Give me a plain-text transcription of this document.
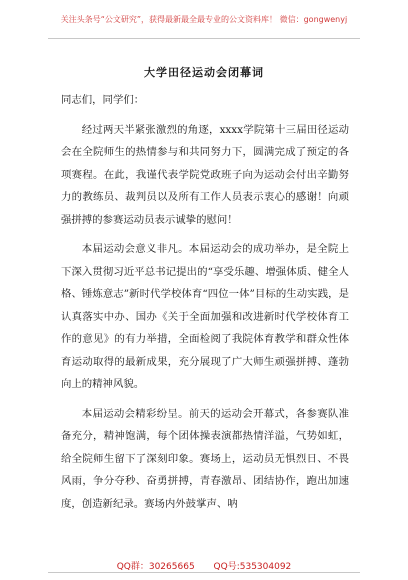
关注头条号“公文研究”，获得最新最全最专业的公文资料库！ 微信：gongwenyj
大学田径运动会闭幕词

同志们，同学们：

经过两天半紧张激烈的角逐，xxxx学院第十三届田径运动会在全院师生的热情参与和共同努力下，圆满完成了预定的各项赛程。在此，我谨代表学院党政班子向为运动会付出辛勤努力的教练员、裁判员以及所有工作人员表示衷心的感谢！向顽强拼搏的参赛运动员表示诚挚的慰问！

本届运动会意义非凡。本届运动会的成功举办，是全院上下深入贯彻习近平总书记提出的“享受乐趣、增强体质、健全人格、锤炼意志”新时代学校体育“四位一体”目标的生动实践，是认真落实中办、国办《关于全面加强和改进新时代学校体育工作的意见》的有力举措，全面检阅了我院体育教学和群众性体育运动取得的最新成果，充分展现了广大师生顽强拼搏、蓬勃向上的精神风貌。

本届运动会精彩纷呈。前天的运动会开幕式，各参赛队准备充分，精神饱满，每个团体操表演都热情洋溢，气势如虹，给全院师生留下了深刻印象。赛场上，运动员无惧烈日、不畏风雨，争分夺秒、奋勇拼搏，青春激昂、团结协作，跑出加速度，创造新纪录。赛场内外鼓掌声、呐

QQ群：30265665 QQ号:535304092
